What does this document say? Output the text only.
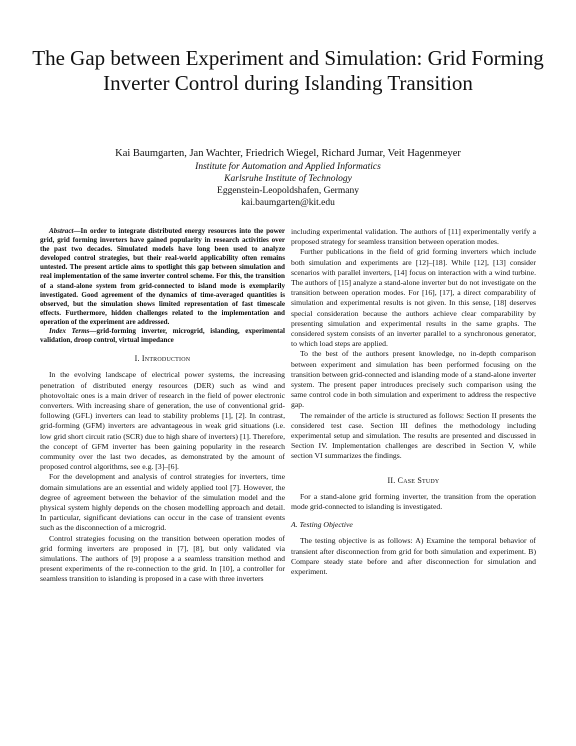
The Gap between Experiment and Simulation: Grid Forming Inverter Control during Islanding Transition
Kai Baumgarten, Jan Wachter, Friedrich Wiegel, Richard Jumar, Veit Hagenmeyer
Institute for Automation and Applied Informatics
Karlsruhe Institute of Technology
Eggenstein-Leopoldshafen, Germany
kai.baumgarten@kit.edu

Abstract—In order to integrate distributed energy resources into the power grid, grid forming inverters have gained popularity in research activities over the past two decades. Simulated models have long been used to analyze developed control strategies, but their real-world applicability often remains untested. The present article aims to spotlight this gap between simulation and real implementation of the same inverter control scheme. For this, the transition of a stand-alone system from grid-connected to island mode is exemplarily investigated. Good agreement of the dynamics of time-averaged quantities is observed, but the simulation shows limited representation of fast timescale effects. Furthermore, hidden challenges related to the implementation and operation of the experiment are addressed.

Index Terms—grid-forming inverter, microgrid, islanding, experimental validation, droop control, virtual impedance

I. Introduction

In the evolving landscape of electrical power systems, the increasing penetration of distributed energy resources (DER) such as wind and photovoltaic ones is a main driver of research in the field of power electronic converters. With increasing share of generation, the use of conventional grid-following (GFL) inverters can lead to stability problems [1], [2]. In contrast, grid-forming (GFM) inverters are advantageous in weak grid situations (i.e. low grid short circuit ratio (SCR) due to high share of inverters) [1]. Therefore, the concept of GFM inverter has been gaining popularity in the research community over the last two decades, as demonstrated by the amount of proposed control algorithms, see e.g. [3]–[6].

For the development and analysis of control strategies for inverters, time domain simulations are an essential and widely applied tool [7]. However, the degree of agreement between the behavior of the simulation model and the physical system highly depends on the chosen modelling approach and detail. In particular, significant deviations can occur in the case of transient events such as the disconnection of a microgrid.

Control strategies focusing on the transition between operation modes of grid forming inverters are proposed in [7], [8], but only validated via simulations. The authors of [9] propose a a seamless transition method and present experiments of the re-connection to the grid. In [10], a controller for seamless transition to islanding is proposed in a case with three inverters

including experimental validation. The authors of [11] experimentally verify a proposed strategy for seamless transition between operation modes.

Further publications in the field of grid forming inverters which include both simulation and experiments are [12]–[18]. While [12], [13] consider scenarios with parallel inverters, [14] focus on interaction with a wind turbine. The authors of [15] analyze a stand-alone inverter but do not investigate on the transition between operation modes. For [16], [17], a direct comparability of simulation and experimental results is not given. In this sense, [18] deserves special consideration because the authors achieve clear comparability by presenting simulation and experimental results in the same graphs. The considered system consists of an inverter parallel to a synchronous generator, to which load steps are applied.

To the best of the authors present knowledge, no in-depth comparison between experiment and simulation has been performed focusing on the transition between grid-connected and islanding mode of a stand-alone inverter system. The present paper introduces precisely such comparison using the same control code in both simulation and experiment to address the respective gap.

The remainder of the article is structured as follows: Section II presents the considered test case. Section III defines the methodology including experimental setup and simulation. The results are presented and discussed in Section IV. Implementation challenges are described in Section V, while section VI summarizes the findings.

II. Case Study

For a stand-alone grid forming inverter, the transition from the operation mode grid-connected to islanding is investigated.

A. Testing Objective

The testing objective is as follows: A) Examine the temporal behavior of transient after disconnection from grid for both simulation and experiment. B) Compare steady state before and after disconnection for simulation and experiment.
